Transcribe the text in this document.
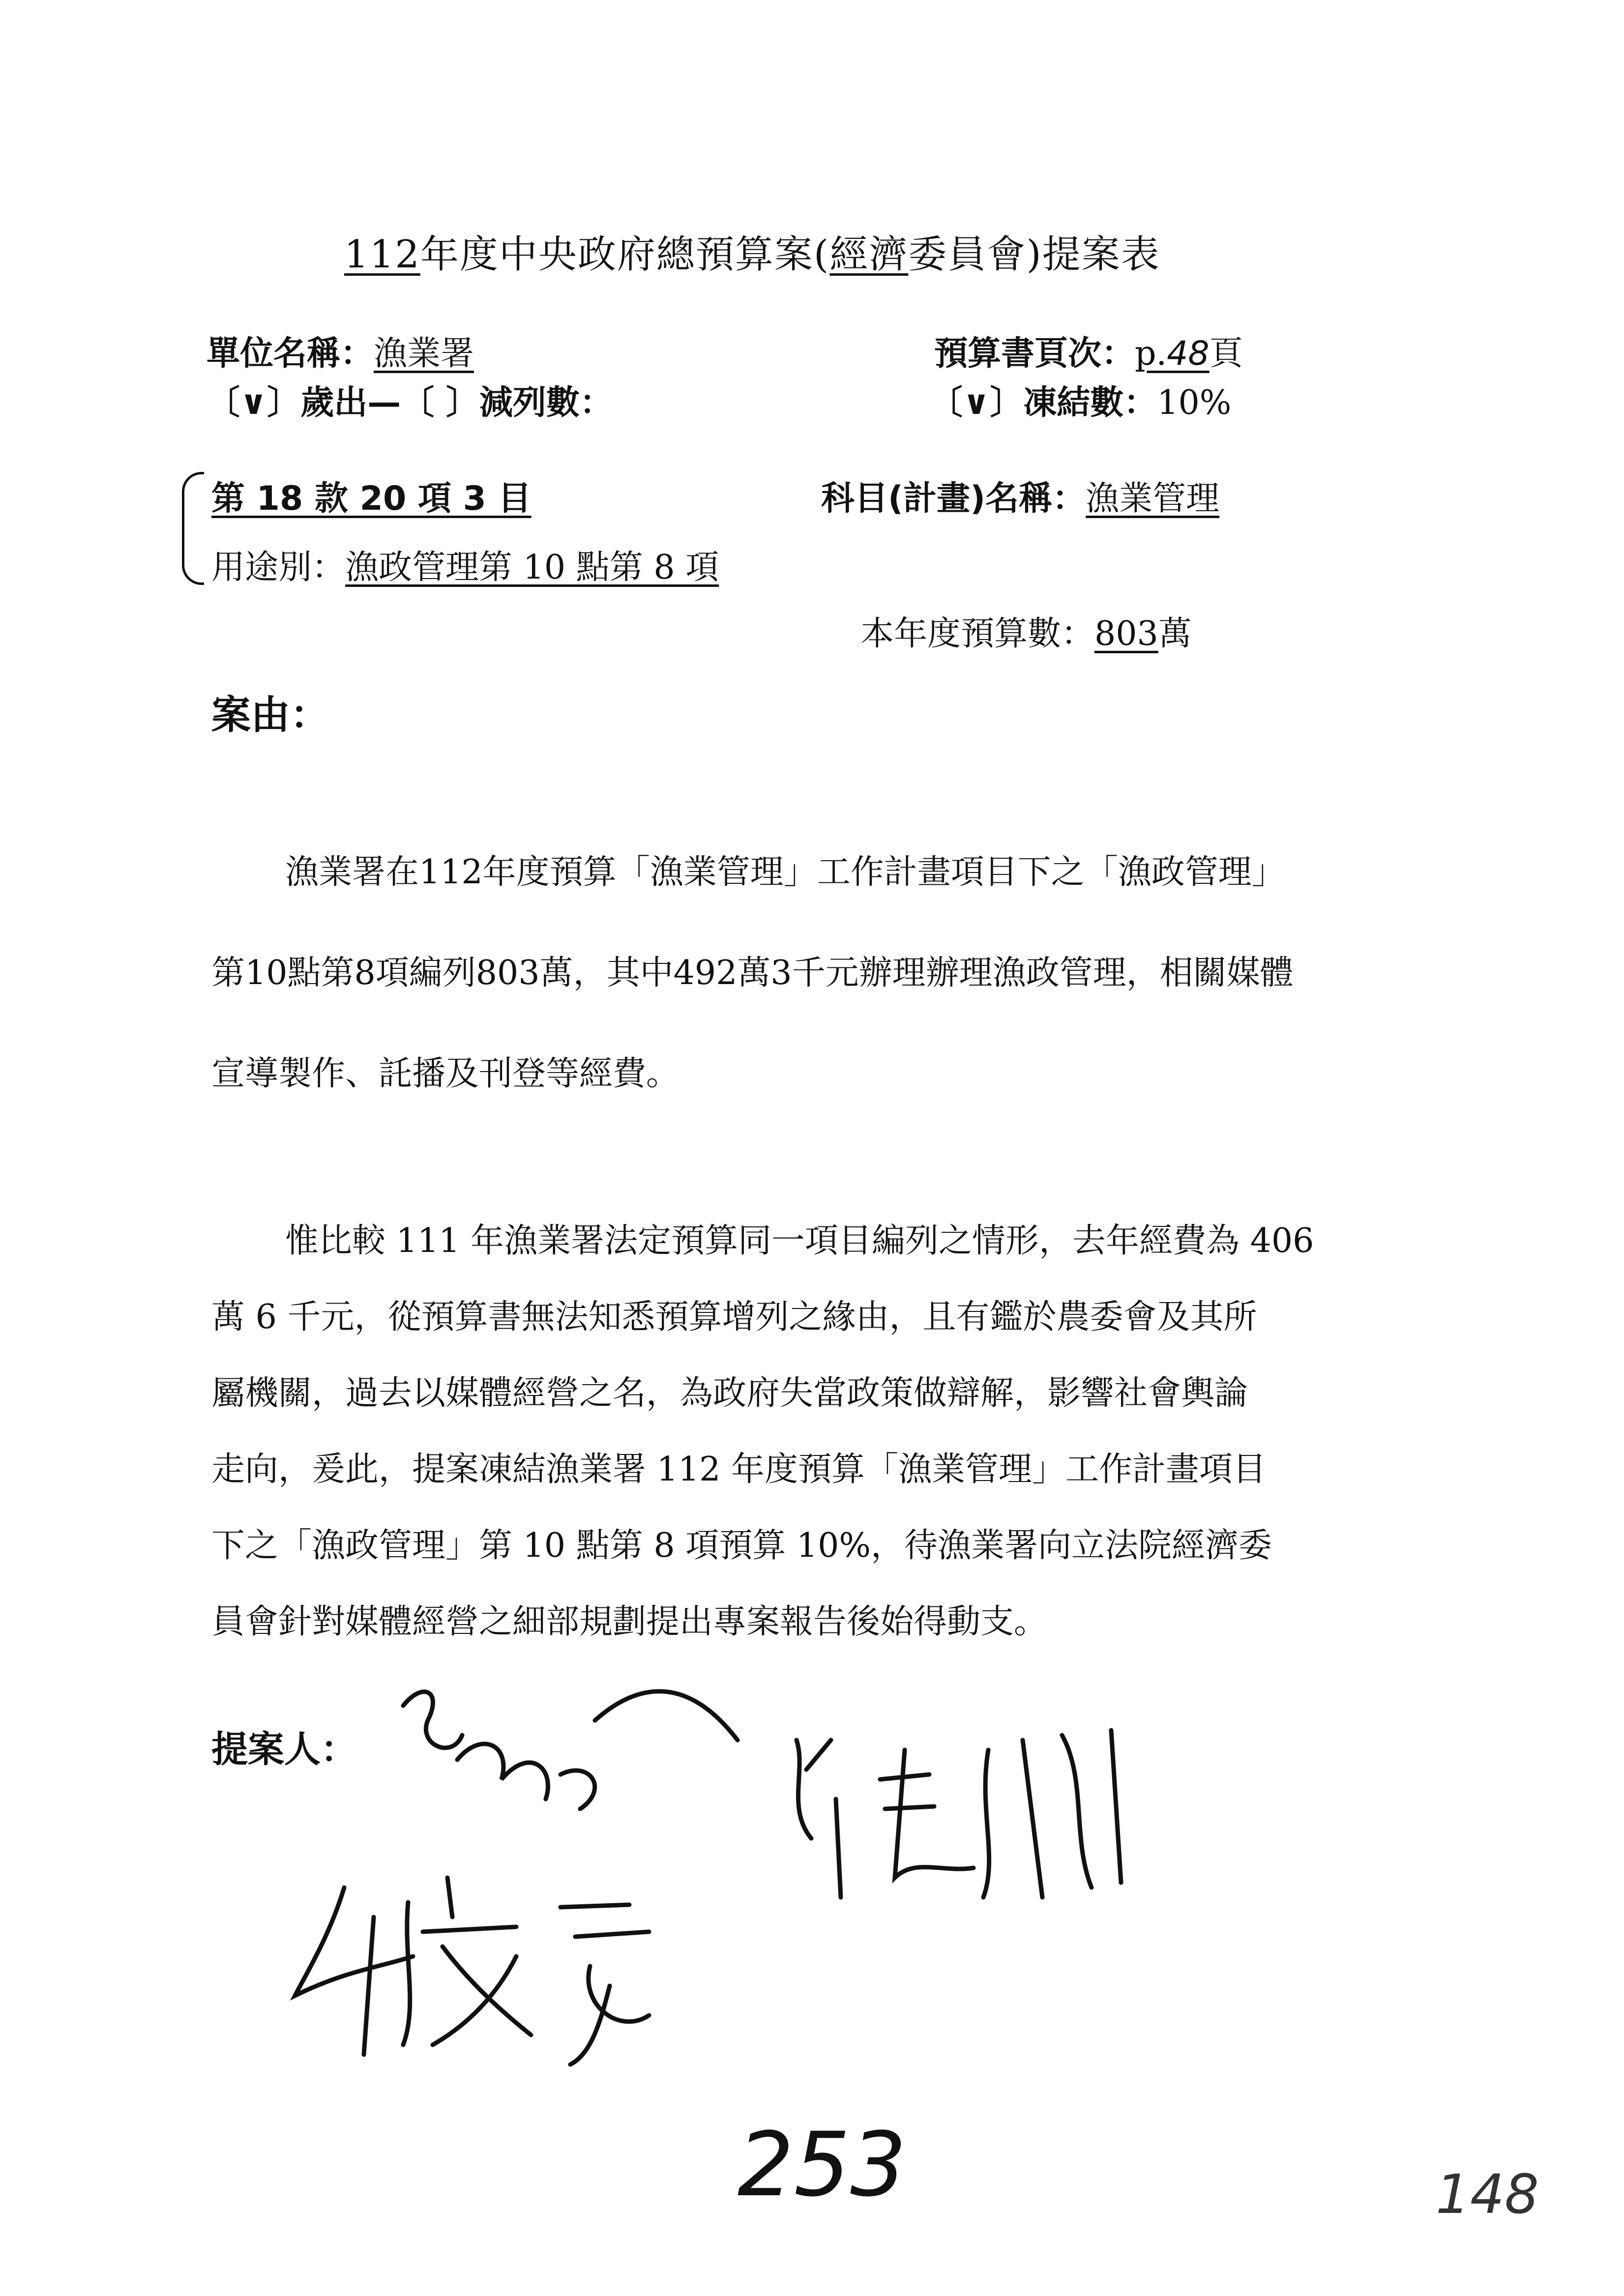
112年度中央政府總預算案(經濟委員會)提案表
單位名稱：漁業署	預算書頁次：p.48頁
〔∨〕歲出—〔 〕減列數：	〔∨〕凍結數：10%
第 18 款 20 項 3 目	科目(計畫)名稱：漁業管理
用途別：漁政管理第 10 點第 8 項
本年度預算數：803萬
案由：
漁業署在112年度預算「漁業管理」工作計畫項目下之「漁政管理」
第10點第8項編列803萬，其中492萬3千元辦理辦理漁政管理，相關媒體
宣導製作、託播及刊登等經費。
惟比較 111 年漁業署法定預算同一項目編列之情形，去年經費為 406
萬 6 千元，從預算書無法知悉預算增列之緣由，且有鑑於農委會及其所
屬機關，過去以媒體經營之名，為政府失當政策做辯解，影響社會輿論
走向，爰此，提案凍結漁業署 112 年度預算「漁業管理」工作計畫項目
下之「漁政管理」第 10 點第 8 項預算 10%，待漁業署向立法院經濟委
員會針對媒體經營之細部規劃提出專案報告後始得動支。
提案人：
253	148
